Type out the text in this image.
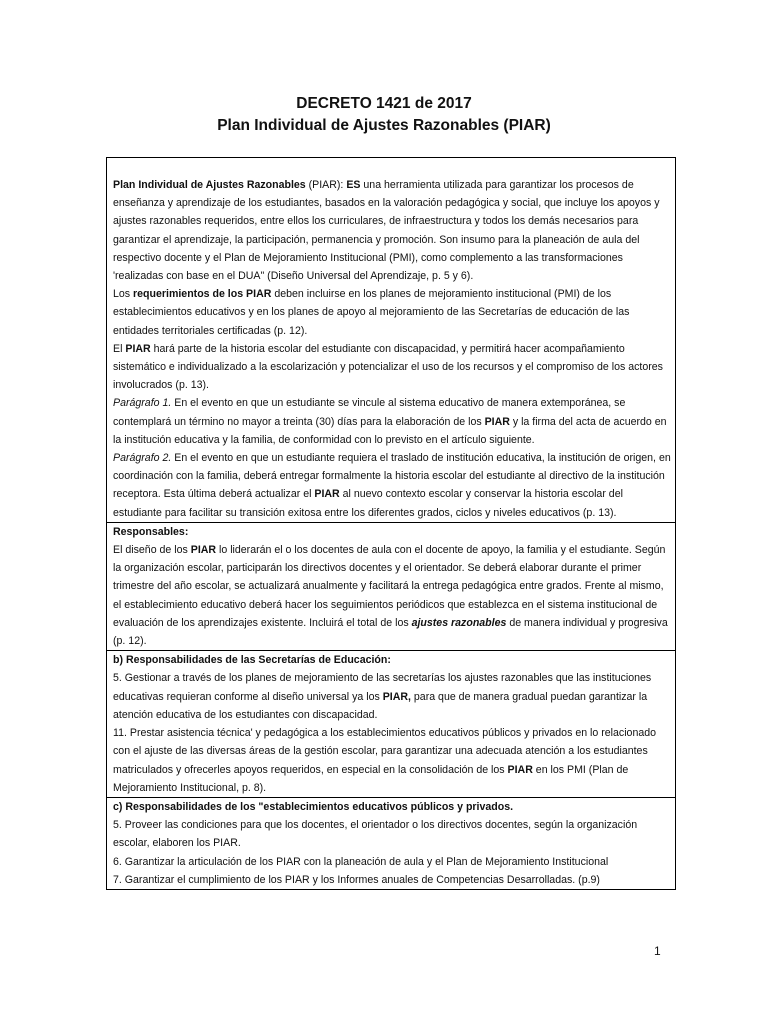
DECRETO 1421 de 2017
Plan Individual de Ajustes Razonables (PIAR)

Plan Individual de Ajustes Razonables (PIAR): ES una herramienta utilizada para garantizar los procesos de enseñanza y aprendizaje de los estudiantes, basados en la valoración pedagógica y social, que incluye los apoyos y ajustes razonables requeridos, entre ellos los curriculares, de infraestructura y todos los demás necesarios para garantizar el aprendizaje, la participación, permanencia y promoción. Son insumo para la planeación de aula del respectivo docente y el Plan de Mejoramiento Institucional (PMI), como complemento a las transformaciones 'realizadas con base en el DUA" (Diseño Universal del Aprendizaje, p. 5 y 6).

Los requerimientos de los PIAR deben incluirse en los planes de mejoramiento institucional (PMI) de los establecimientos educativos y en los planes de apoyo al mejoramiento de las Secretarías de educación de las entidades territoriales certificadas (p. 12).

El PIAR hará parte de la historia escolar del estudiante con discapacidad, y permitirá hacer acompañamiento sistemático e individualizado a la escolarización y potencializar el uso de los recursos y el compromiso de los actores involucrados (p. 13).

Parágrafo 1. En el evento en que un estudiante se vincule al sistema educativo de manera extemporánea, se contemplará un término no mayor a treinta (30) días para la elaboración de los PIAR y la firma del acta de acuerdo en la institución educativa y la familia, de conformidad con lo previsto en el artículo siguiente.

Parágrafo 2. En el evento en que un estudiante requiera el traslado de institución educativa, la institución de origen, en coordinación con la familia, deberá entregar formalmente la historia escolar del estudiante al directivo de la institución receptora. Esta última deberá actualizar el PIAR al nuevo contexto escolar y conservar la historia escolar del estudiante para facilitar su transición exitosa entre los diferentes grados, ciclos y niveles educativos (p. 13).

Responsables:

El diseño de los PIAR lo liderarán el o los docentes de aula con el docente de apoyo, la familia y el estudiante. Según la organización escolar, participarán los directivos docentes y el orientador. Se deberá elaborar durante el primer trimestre del año escolar, se actualizará anualmente y facilitará la entrega pedagógica entre grados. Frente al mismo, el establecimiento educativo deberá hacer los seguimientos periódicos que establezca en el sistema institucional de evaluación de los aprendizajes existente. Incluirá el total de los ajustes razonables de manera individual y progresiva (p. 12).

b) Responsabilidades de las Secretarías de Educación:

5. Gestionar a través de los planes de mejoramiento de las secretarías los ajustes razonables que las instituciones educativas requieran conforme al diseño universal ya los PIAR, para que de manera gradual puedan garantizar la atención educativa de los estudiantes con discapacidad.

11. Prestar asistencia técnica' y pedagógica a los establecimientos educativos públicos y privados en lo relacionado con el ajuste de las diversas áreas de la gestión escolar, para garantizar una adecuada atención a los estudiantes matriculados y ofrecerles apoyos requeridos, en especial en la consolidación de los PIAR en los PMI (Plan de Mejoramiento Institucional, p. 8).

c) Responsabilidades de los "establecimientos educativos públicos y privados.

5. Proveer las condiciones para que los docentes, el orientador o los directivos docentes, según la organización escolar, elaboren los PIAR.

6. Garantizar la articulación de los PIAR con la planeación de aula y el Plan de Mejoramiento Institucional

7. Garantizar el cumplimiento de los PIAR y los Informes anuales de Competencias Desarrolladas. (p.9)

1
